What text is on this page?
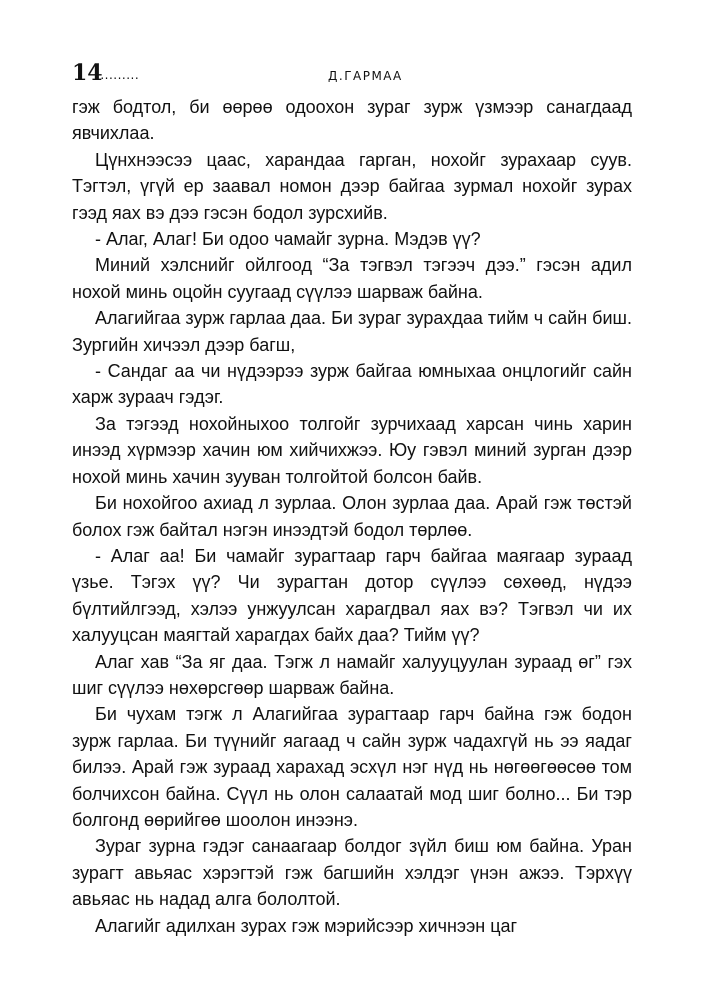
14
..........	Д.ГАРМАА

гэж бодтол, би өөрөө одоохон зураг зурж үзмээр санагдаад явчихлаа.

Цүнхнээсээ цаас, харандаа гарган, нохойг зурахаар суув. Тэгтэл, үгүй ер заавал номон дээр байгаа зурмал нохойг зурах гээд яах вэ дээ гэсэн бодол зурсхийв.

- Алаг, Алаг! Би одоо чамайг зурна. Мэдэв үү?

Миний хэлснийг ойлгоод “За тэгвэл тэгээч дээ.” гэсэн адил нохой минь оцойн суугаад сүүлээ шарваж байна.

Алагийгаа зурж гарлаа даа. Би зураг зурахдаа тийм ч сайн биш. Зургийн хичээл дээр багш,

- Сандаг аа чи нүдээрээ зурж байгаа юмныхаа онцлогийг сайн харж зураач гэдэг.

За тэгээд нохойныхоо толгойг зурчихаад харсан чинь харин инээд хүрмээр хачин юм хийчихжээ. Юу гэвэл миний зурган дээр нохой минь хачин зууван толгойтой болсон байв.

Би нохойгоо ахиад л зурлаа. Олон зурлаа даа. Арай гэж төстэй болох гэж байтал нэгэн инээдтэй бодол төрлөө.

- Алаг аа! Би чамайг зурагтаар гарч байгаа маягаар зураад үзье. Тэгэх үү? Чи зурагтан дотор сүүлээ сөхөөд, нүдээ бүлтийлгээд, хэлээ унжуулсан харагдвал яах вэ? Тэгвэл чи их халууцсан маягтай харагдах байх даа? Тийм үү?

Алаг хав “За яг даа. Тэгж л намайг халууцуулан зураад өг” гэх шиг сүүлээ нөхөрсгөөр шарваж байна.

Би чухам тэгж л Алагийгаа зурагтаар гарч байна гэж бодон зурж гарлаа. Би түүнийг яагаад ч сайн зурж чадахгүй нь ээ яадаг билээ. Арай гэж зураад харахад эсхүл нэг нүд нь нөгөөгөөсөө том болчихсон байна. Сүүл нь олон салаатай мод шиг болно... Би тэр болгонд өөрийгөө шоолон инээнэ.

Зураг зурна гэдэг санаагаар болдог зүйл биш юм байна. Уран зурагт авьяас хэрэгтэй гэж багшийн хэлдэг үнэн ажээ. Тэрхүү авьяас нь надад алга бололтой.

Алагийг адилхан зурах гэж мэрийсээр хичнээн цаг
